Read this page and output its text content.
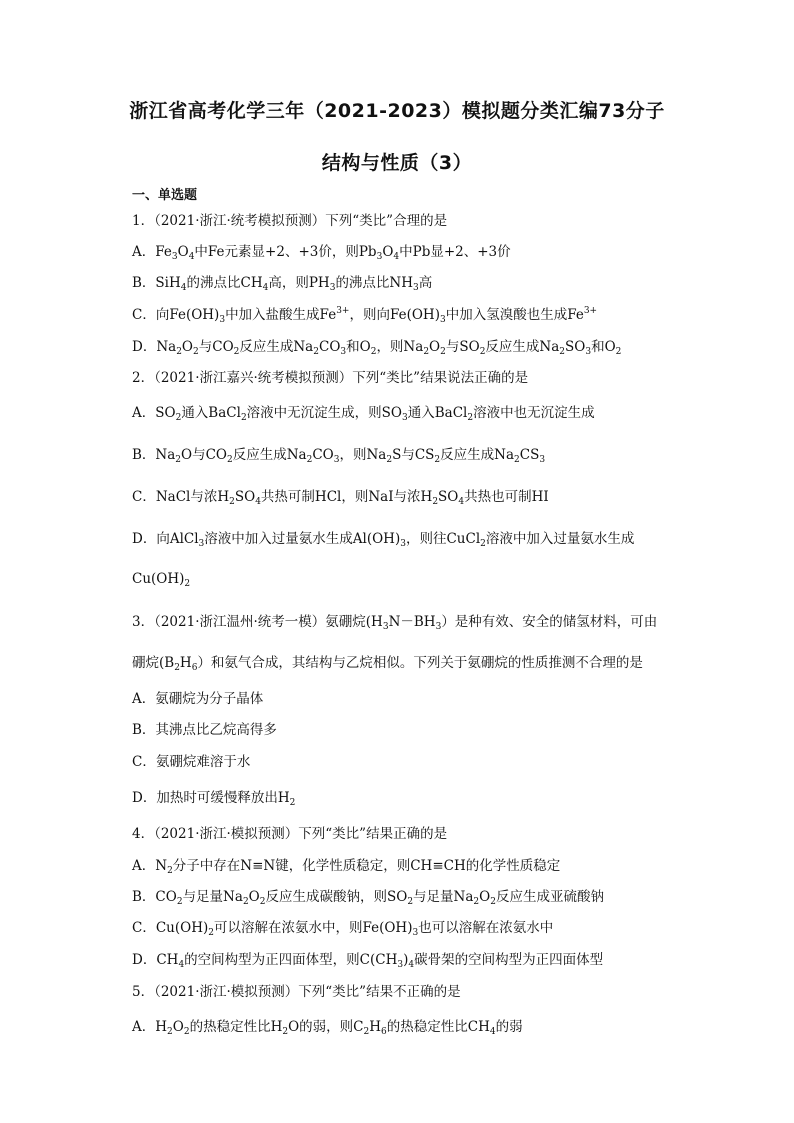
浙江省高考化学三年（2021-2023）模拟题分类汇编73分子
结构与性质（3）
一、单选题
1．（2021·浙江·统考模拟预测）下列“类比”合理的是
A．$Fe_3O_4$中Fe元素显+2、+3价，则$Pb_3O_4$中Pb显+2、+3价
B．SiH$_4$的沸点比$CH_4$高，则$PH_3$的沸点比$NH_3$高
C．向$Fe(OH)_3$中加入盐酸生成$Fe^{3+}$，则向$Fe(OH)_3$中加入氢溴酸也生成$Fe^{3+}$
D．$Na_2O_2$与$CO_2$反应生成$Na_2CO_3$和$O_2$，则$Na_2O_2$与$SO_2$反应生成$Na_2SO_3$和$O_2$
2．（2021·浙江嘉兴·统考模拟预测）下列“类比”结果说法正确的是
A．$SO_2$通入BaCl$_2$溶液中无沉淀生成，则$SO_3$通入BaCl$_2$溶液中也无沉淀生成
B．$Na_2O$与$CO_2$反应生成$Na_2CO_3$，则$Na_2S$与$CS_2$反应生成$Na_2CS_3$
C．NaCl与浓$H_2SO_4$共热可制HCl，则NaI与浓$H_2SO_4$共热也可制HI
D．向AlCl$_3$溶液中加入过量氨水生成$Al(OH)_3$，则往CuCl$_2$溶液中加入过量氨水生成
$Cu(OH)_2$
3．（2021·浙江温州·统考一模）氨硼烷$(H_3N-BH_3)$是种有效、安全的储氢材料，可由
硼烷$(B_2H_6)$和氨气合成，其结构与乙烷相似。下列关于氨硼烷的性质推测不合理的是
A．氨硼烷为分子晶体
B．其沸点比乙烷高得多
C．氨硼烷难溶于水
D．加热时可缓慢释放出$H_2$
4．（2021·浙江·模拟预测）下列“类比”结果正确的是
A．$N_2$分子中存在N≡N键，化学性质稳定，则CH≡CH的化学性质稳定
B．$CO_2$与足量$Na_2O_2$反应生成碳酸钠，则$SO_2$与足量$Na_2O_2$反应生成亚硫酸钠
C．$Cu(OH)_2$可以溶解在浓氨水中，则$Fe(OH)_3$也可以溶解在浓氨水中
D．$CH_4$的空间构型为正四面体型，则$C(CH_3)_4$碳骨架的空间构型为正四面体型
5．（2021·浙江·模拟预测）下列“类比”结果不正确的是
A．$H_2O_2$的热稳定性比$H_2O$的弱，则$C_2H_6$的热稳定性比$CH_4$的弱
